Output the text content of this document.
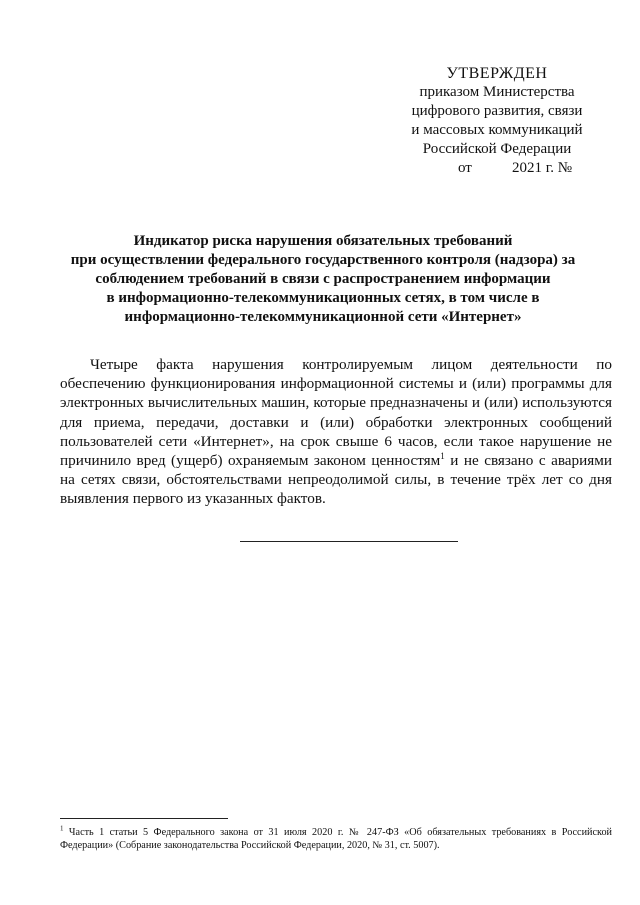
УТВЕРЖДЕН
приказом Министерства
цифрового развития, связи
и массовых коммуникаций
Российской Федерации
от	2021 г. №
Индикатор риска нарушения обязательных требований
при осуществлении федерального государственного контроля (надзора) за
соблюдением требований в связи с распространением информации
в информационно-телекоммуникационных сетях, в том числе в
информационно-телекоммуникационной сети «Интернет»

Четыре факта нарушения контролируемым лицом деятельности по обеспечению функционирования информационной системы и (или) программы для электронных вычислительных машин, которые предназначены и (или) используются для приема, передачи, доставки и (или) обработки электронных сообщений пользователей сети «Интернет», на срок свыше 6 часов, если такое нарушение не причинило вред (ущерб) охраняемым законом ценностям$^1$ и не связано с авариями на сетях связи, обстоятельствами непреодолимой силы, в течение трёх лет со дня выявления первого из указанных фактов.

$^1$ Часть 1 статьи 5 Федерального закона от 31 июля 2020 г. № 247-ФЗ «Об обязательных требованиях в Российской Федерации» (Собрание законодательства Российской Федерации, 2020, № 31, ст. 5007).
